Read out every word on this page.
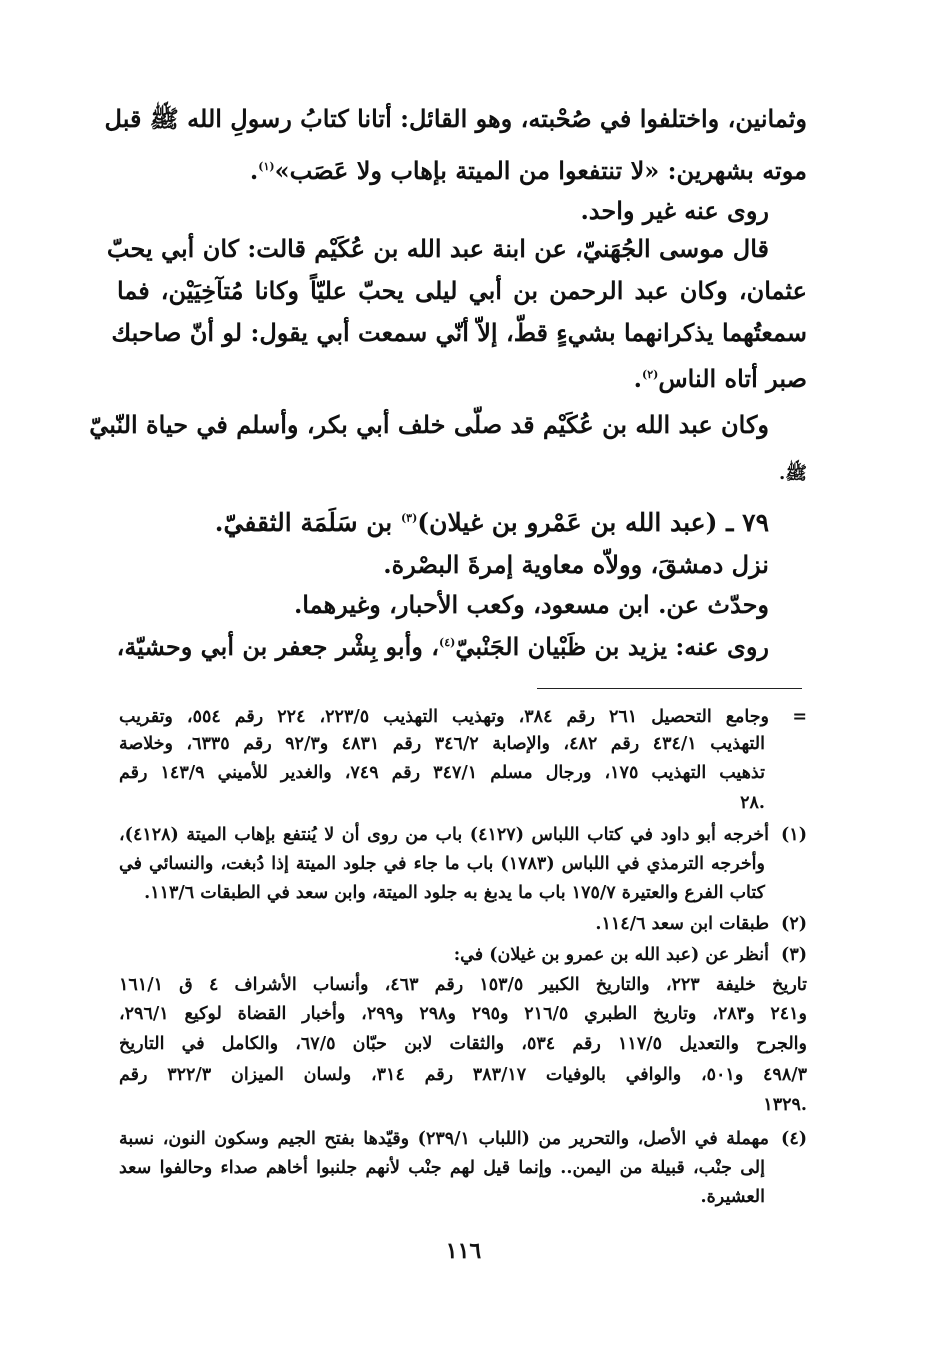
وثمانين، واختلفوا في صُحْبته، وهو القائل: أتانا كتابُ رسولِ الله ﷺ قبل
موته بشهرين: «لا تنتفعوا من الميتة بإهاب ولا عَصَب»$^{(١)}$.
روى عنه غير واحد.
قال موسى الجُهَنيّ، عن ابنة عبد الله بن عُكَيْم قالت: كان أبي يحبّ
عثمان، وكان عبد الرحمن بن أبي ليلى يحبّ عليّاً وكانا مُتآخِيَيْن، فما
سمعتُهما يذكرانهما بشيءٍ قطّ، إلاّ أنّي سمعت أبي يقول: لو أنّ صاحبك
صبر أتاه الناس$^{(٢)}$.
وكان عبد الله بن عُكَيْم قد صلّى خلف أبي بكر، وأسلم في حياة النّبيّ
ﷺ.
٧٩ ـ (عبد الله بن عَمْرو بن غيلان)$^{(٣)}$ بن سَلَمَة الثقفيّ.
نزل دمشقَ، وولاّه معاوية إمرةَ البصْرة.
وحدّث عن. ابن مسعود، وكعب الأحبار، وغيرهما.
روى عنه: يزيد بن ظَبْيان الجَنْبيّ$^{(٤)}$، وأبو بِشْر جعفر بن أبي وحشيّة،
=وجامع التحصيل ٢٦١ رقم ٣٨٤، وتهذيب التهذيب ٢٢٣/٥، ٢٢٤ رقم ٥٥٤، وتقريب
التهذيب ٤٣٤/١ رقم ٤٨٢، والإصابة ٣٤٦/٢ رقم ٤٨٣١ و٩٢/٣ رقم ٦٣٣٥، وخلاصة
تذهيب التهذيب ١٧٥، ورجال مسلم ٣٤٧/١ رقم ٧٤٩، والغدير للأميني ١٤٣/٩ رقم
٢٨.
(١)أخرجه أبو داود في كتاب اللباس (٤١٢٧) باب من روى أن لا يُنتفع بإهاب الميتة (٤١٢٨)،
وأخرجه الترمذي في اللباس (١٧٨٣) باب ما جاء في جلود الميتة إذا دُبغت، والنسائي في
كتاب الفرع والعتيرة ١٧٥/٧ باب ما يدبغ به جلود الميتة، وابن سعد في الطبقات ١١٣/٦.
(٢)طبقات ابن سعد ١١٤/٦.
(٣)أنظر عن (عبد الله بن عمرو بن غيلان) في:
تاريخ خليفة ٢٢٣، والتاريخ الكبير ١٥٣/٥ رقم ٤٦٣، وأنساب الأشراف ٤ ق ١٦١/١
و٢٤١ و٢٨٣، وتاريخ الطبري ٢١٦/٥ و٢٩٥ و٢٩٨ و٢٩٩، وأخبار القضاة لوكيع ٢٩٦/١،
والجرح والتعديل ١١٧/٥ رقم ٥٣٤، والثقات لابن حبّان ٦٧/٥، والكامل في التاريخ
٤٩٨/٣ و٥٠١، والوافي بالوفيات ٣٨٣/١٧ رقم ٣١٤، ولسان الميزان ٣٢٢/٣ رقم
١٣٢٩.
(٤)مهملة في الأصل، والتحرير من (اللباب ٢٣٩/١) وقيّدها بفتح الجيم وسكون النون، نسبة
إلى جنْب، قبيلة من اليمن.. وإنما قيل لهم جنْب لأنهم جلنبوا أخاهم صداء وحالفوا سعد
العشيرة.
١١٦
